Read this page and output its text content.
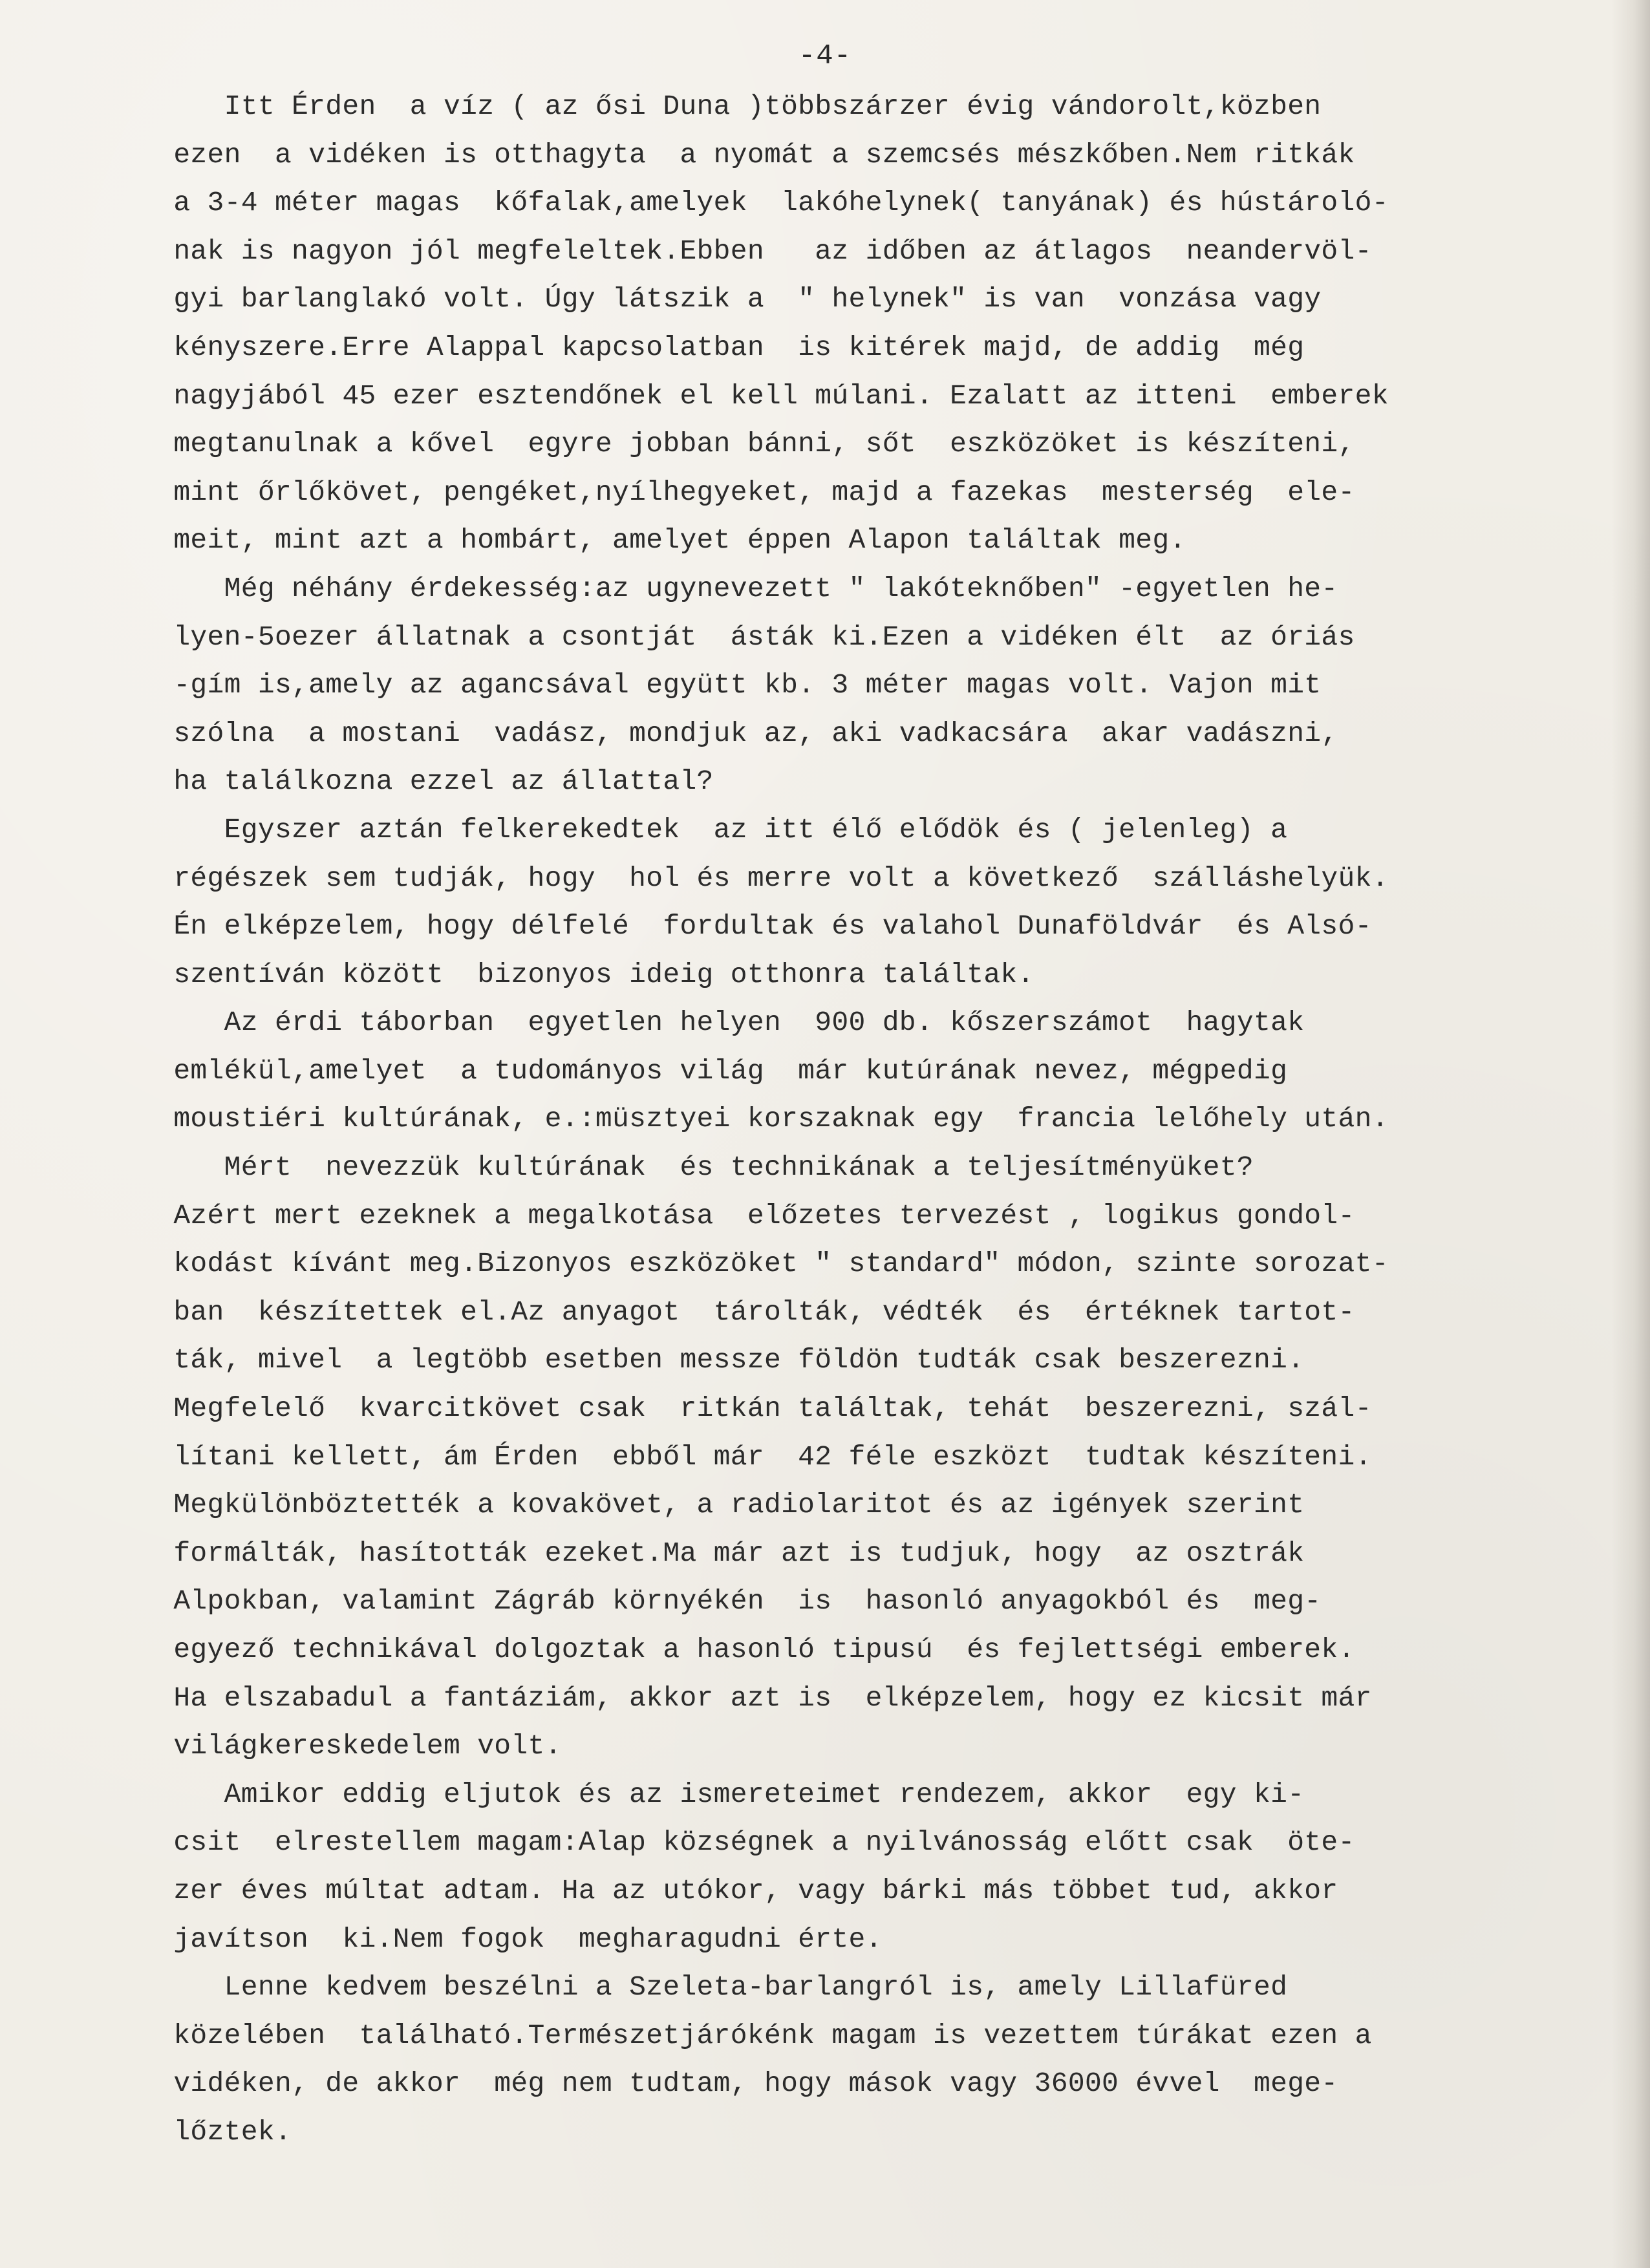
-4-
Itt Érden  a víz ( az ősi Duna )többszárzer évig vándorolt,közben
ezen  a vidéken is otthagyta  a nyomát a szemcsés mészkőben.Nem ritkák
a 3-4 méter magas  kőfalak,amelyek  lakóhelynek( tanyának) és hústároló-
nak is nagyon jól megfeleltek.Ebben   az időben az átlagos  neandervöl-
gyi barlanglakó volt. Úgy látszik a  " helynek" is van  vonzása vagy
kényszere.Erre Alappal kapcsolatban  is kitérek majd, de addig  még
nagyjából 45 ezer esztendőnek el kell múlani. Ezalatt az itteni  emberek
megtanulnak a kővel  egyre jobban bánni, sőt  eszközöket is készíteni,
mint őrlőkövet, pengéket,nyílhegyeket, majd a fazekas  mesterség  ele-
meit, mint azt a hombárt, amelyet éppen Alapon találtak meg.
Még néhány érdekesség:az ugynevezett " lakóteknőben" -egyetlen he-
lyen-5oezer állatnak a csontját  ásták ki.Ezen a vidéken élt  az óriás
-gím is,amely az agancsával együtt kb. 3 méter magas volt. Vajon mit
szólna  a mostani  vadász, mondjuk az, aki vadkacsára  akar vadászni,
ha találkozna ezzel az állattal?
Egyszer aztán felkerekedtek  az itt élő elődök és ( jelenleg) a
régészek sem tudják, hogy  hol és merre volt a következő  szálláshelyük.
Én elképzelem, hogy délfelé  fordultak és valahol Dunaföldvár  és Alsó-
szentíván között  bizonyos ideig otthonra találtak.
Az érdi táborban  egyetlen helyen  900 db. kőszerszámot  hagytak
emlékül,amelyet  a tudományos világ  már kutúrának nevez, mégpedig
moustiéri kultúrának, e.:müsztyei korszaknak egy  francia lelőhely után.
Mért  nevezzük kultúrának  és technikának a teljesítményüket?
Azért mert ezeknek a megalkotása  előzetes tervezést , logikus gondol-
kodást kívánt meg.Bizonyos eszközöket " standard" módon, szinte sorozat-
ban  készítettek el.Az anyagot  tárolták, védték  és  értéknek tartot-
ták, mivel  a legtöbb esetben messze földön tudták csak beszerezni.
Megfelelő  kvarcitkövet csak  ritkán találtak, tehát  beszerezni, szál-
lítani kellett, ám Érden  ebből már  42 féle eszközt  tudtak készíteni.
Megkülönböztették a kovakövet, a radiolaritot és az igények szerint
formálták, hasították ezeket.Ma már azt is tudjuk, hogy  az osztrák
Alpokban, valamint Zágráb környékén  is  hasonló anyagokból és  meg-
egyező technikával dolgoztak a hasonló tipusú  és fejlettségi emberek.
Ha elszabadul a fantáziám, akkor azt is  elképzelem, hogy ez kicsit már
világkereskedelem volt.
Amikor eddig eljutok és az ismereteimet rendezem, akkor  egy ki-
csit  elrestellem magam:Alap községnek a nyilvánosság előtt csak  öte-
zer éves múltat adtam. Ha az utókor, vagy bárki más többet tud, akkor
javítson  ki.Nem fogok  megharagudni érte.
Lenne kedvem beszélni a Szeleta-barlangról is, amely Lillafüred
közelében  található.Természetjárókénk magam is vezettem túrákat ezen a
vidéken, de akkor  még nem tudtam, hogy mások vagy 36000 évvel  mege-
lőztek.
